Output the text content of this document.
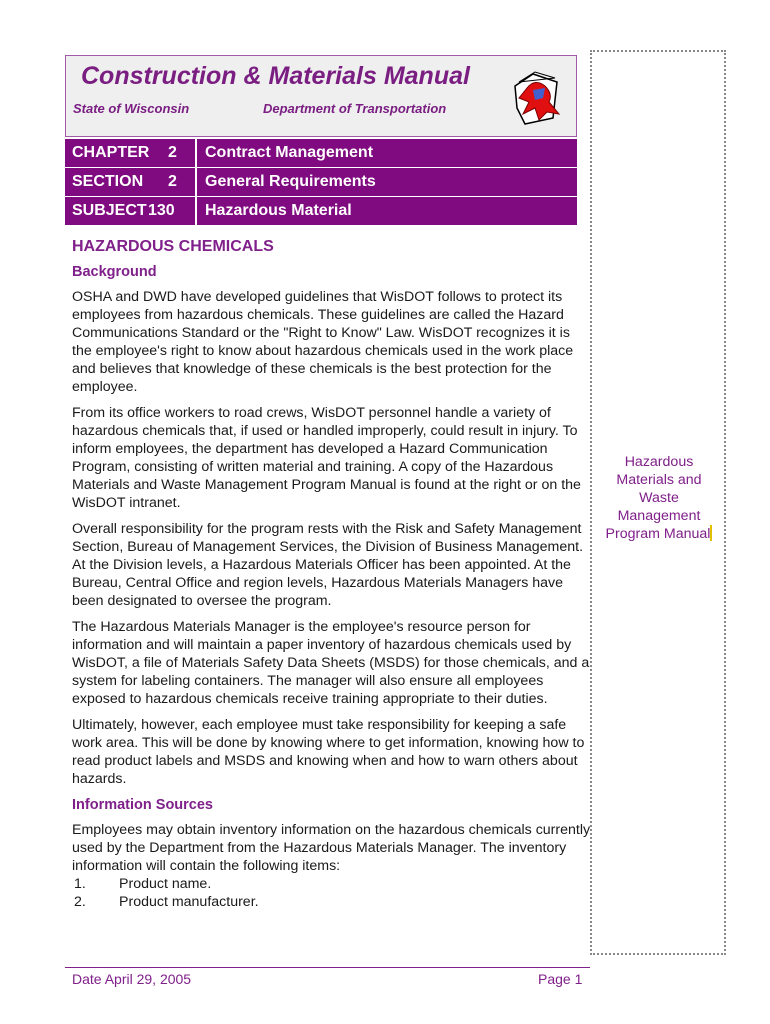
Construction & Materials Manual
State of Wisconsin	Department of Transportation
CHAPTER	2	Contract Management
SECTION	2	General Requirements
SUBJECT 130	Hazardous Material
HAZARDOUS CHEMICALS
Background

OSHA and DWD have developed guidelines that WisDOT follows to protect its employees from hazardous chemicals. These guidelines are called the Hazard Communications Standard or the "Right to Know" Law. WisDOT recognizes it is the employee's right to know about hazardous chemicals used in the work place and believes that knowledge of these chemicals is the best protection for the employee.

From its office workers to road crews, WisDOT personnel handle a variety of hazardous chemicals that, if used or handled improperly, could result in injury. To inform employees, the department has developed a Hazard Communication Program, consisting of written material and training. A copy of the Hazardous Materials and Waste Management Program Manual is found at the right or on the WisDOT intranet.

Overall responsibility for the program rests with the Risk and Safety Management Section, Bureau of Management Services, the Division of Business Management. At the Division levels, a Hazardous Materials Officer has been appointed. At the Bureau, Central Office and region levels, Hazardous Materials Managers have been designated to oversee the program.

The Hazardous Materials Manager is the employee's resource person for information and will maintain a paper inventory of hazardous chemicals used by WisDOT, a file of Materials Safety Data Sheets (MSDS) for those chemicals, and a system for labeling containers. The manager will also ensure all employees exposed to hazardous chemicals receive training appropriate to their duties.

Ultimately, however, each employee must take responsibility for keeping a safe work area. This will be done by knowing where to get information, knowing how to read product labels and MSDS and knowing when and how to warn others about hazards.

Information Sources

Employees may obtain inventory information on the hazardous chemicals currently used by the Department from the Hazardous Materials Manager. The inventory information will contain the following items:

1.	Product name.
2.	Product manufacturer.
Hazardous Materials and Waste Management Program Manual
Date April 29, 2005	Page 1
